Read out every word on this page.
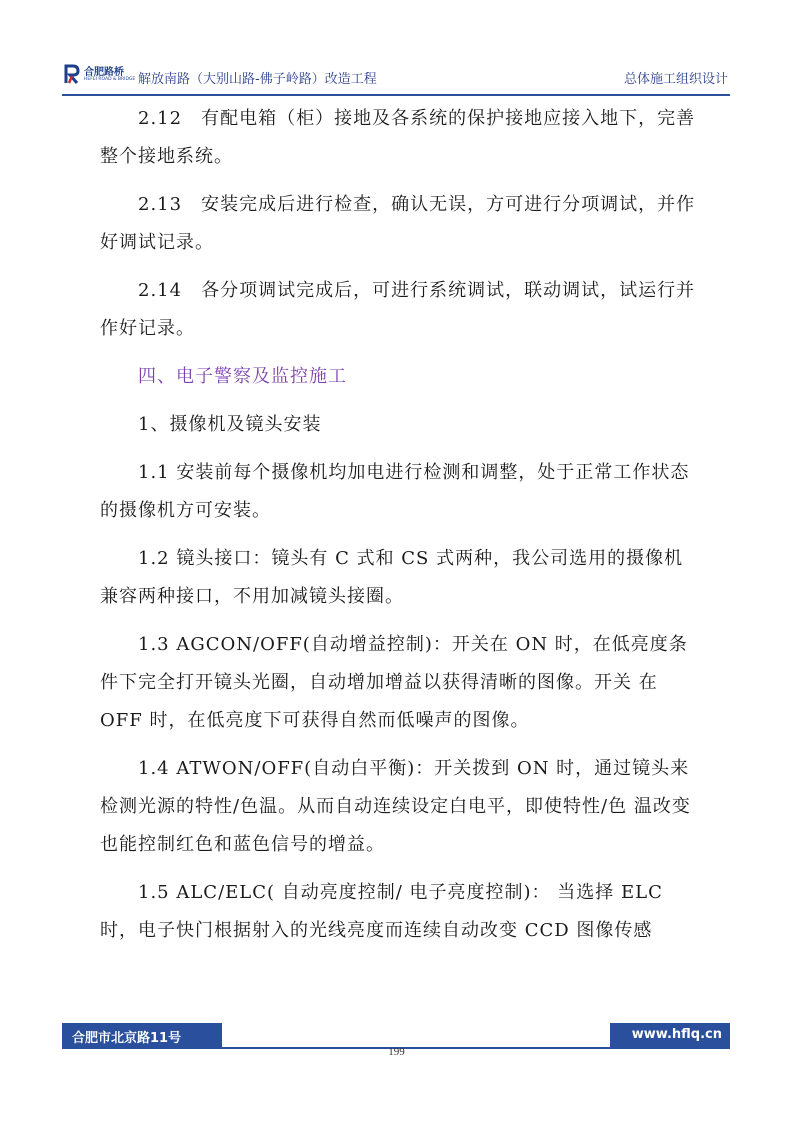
合肥路桥
HEFEI ROAD & BRIDGE 解放南路（大别山路-佛子岭路）改造工程	总体施工组织设计

2.12　有配电箱（柜）接地及各系统的保护接地应接入地下，完善整个接地系统。

2.13　安装完成后进行检查，确认无误，方可进行分项调试，并作好调试记录。

2.14　各分项调试完成后，可进行系统调试，联动调试，试运行并作好记录。

四、电子警察及监控施工

1、摄像机及镜头安装

1.1 安装前每个摄像机均加电进行检测和调整，处于正常工作状态的摄像机方可安装。

1.2 镜头接口：镜头有 C 式和 CS 式两种，我公司选用的摄像机兼容两种接口，不用加减镜头接圈。

1.3 AGCON/OFF(自动增益控制)：开关在 ON 时，在低亮度条件下完全打开镜头光圈，自动增加增益以获得清晰的图像。开关 在 OFF 时，在低亮度下可获得自然而低噪声的图像。

1.4 ATWON/OFF(自动白平衡)：开关拨到 ON 时，通过镜头来检测光源的特性/色温。从而自动连续设定白电平，即使特性/色 温改变也能控制红色和蓝色信号的增益。

1.5 ALC/ELC( 自动亮度控制/ 电子亮度控制)： 当选择 ELC 时，电子快门根据射入的光线亮度而连续自动改变 CCD 图像传感

合肥市北京路11号	www.hflq.cn
199
